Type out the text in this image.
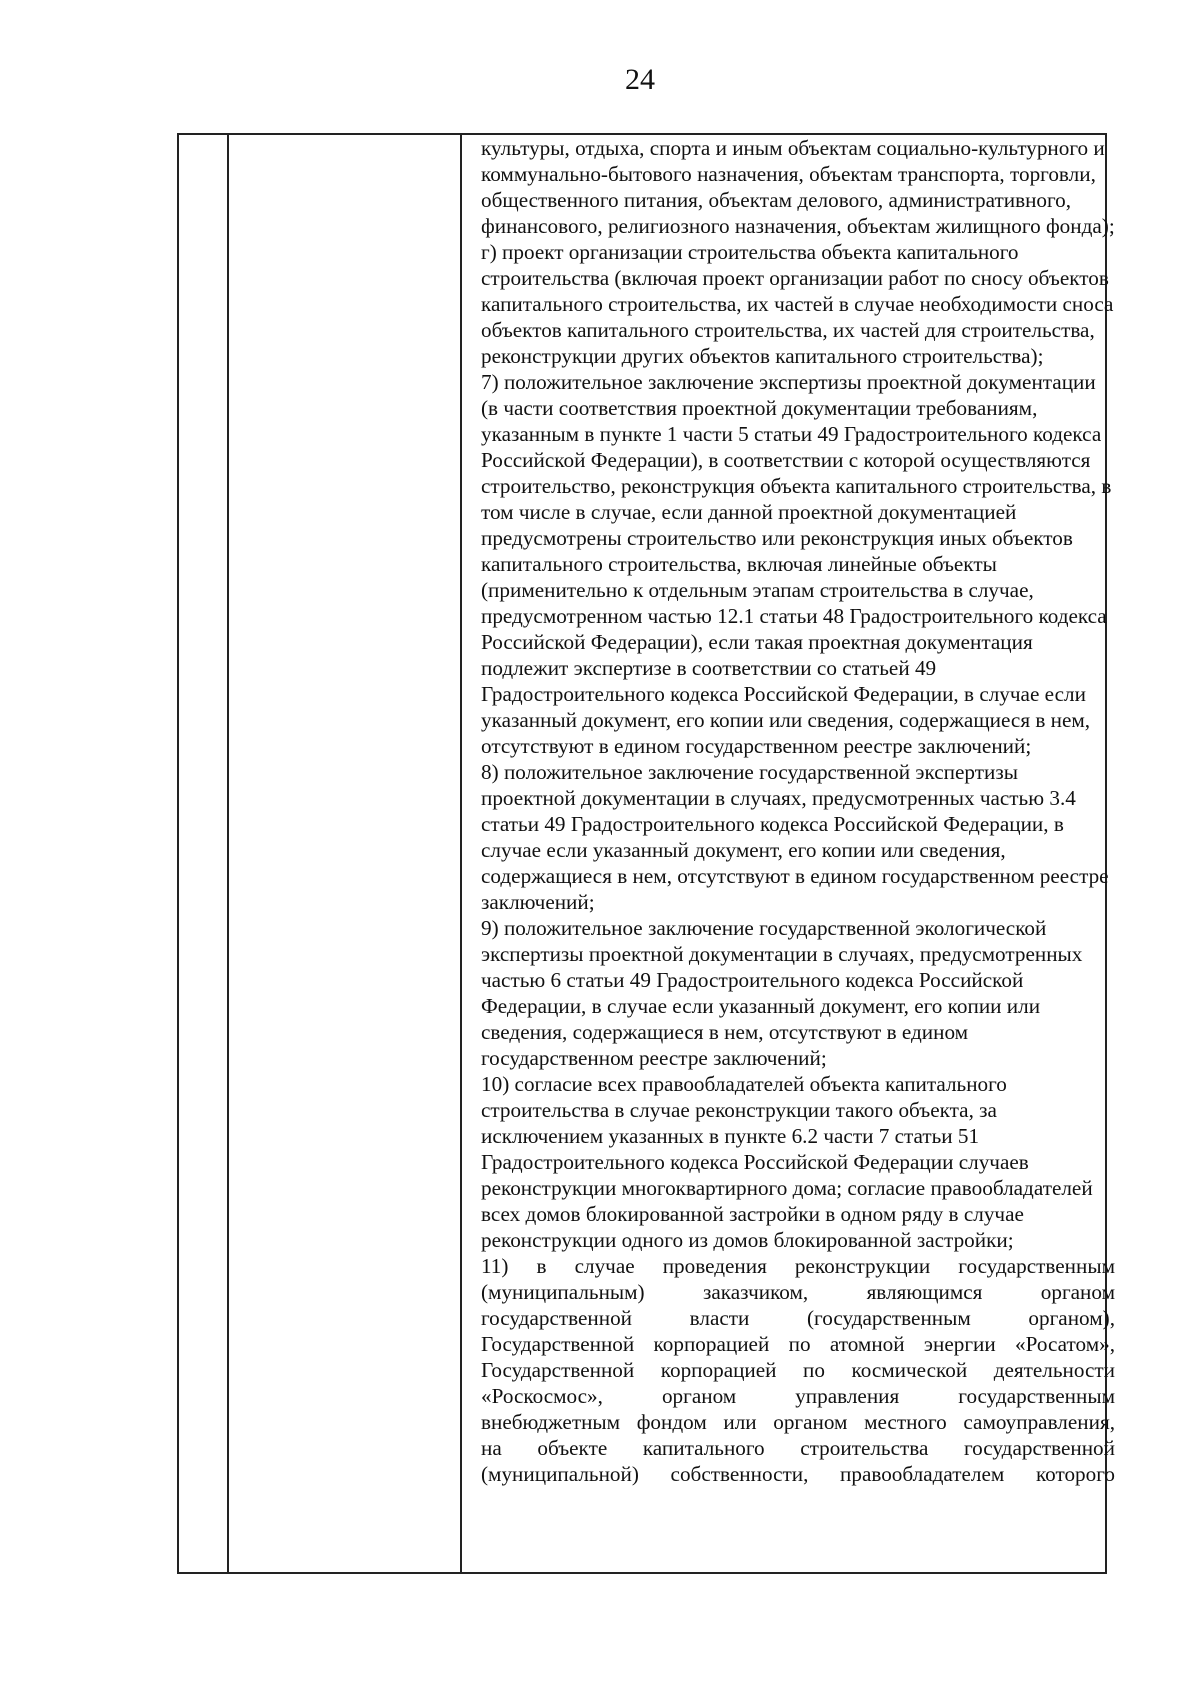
24

культуры, отдыха, спорта и иным объектам социально-культурного и коммунально-бытового назначения, объектам транспорта, торговли, общественного питания, объектам делового, административного, финансового, религиозного назначения, объектам жилищного фонда);

г) проект организации строительства объекта капитального строительства (включая проект организации работ по сносу объектов капитального строительства, их частей в случае необходимости сноса объектов капитального строительства, их частей для строительства, реконструкции других объектов капитального строительства);

7) положительное заключение экспертизы проектной документации (в части соответствия проектной документации требованиям, указанным в пункте 1 части 5 статьи 49 Градостроительного кодекса Российской Федерации), в соответствии с которой осуществляются строительство, реконструкция объекта капитального строительства, в том числе в случае, если данной проектной документацией предусмотрены строительство или реконструкция иных объектов капитального строительства, включая линейные объекты (применительно к отдельным этапам строительства в случае, предусмотренном частью 12.1 статьи 48 Градостроительного кодекса Российской Федерации), если такая проектная документация подлежит экспертизе в соответствии со статьей 49 Градостроительного кодекса Российской Федерации, в случае если указанный документ, его копии или сведения, содержащиеся в нем, отсутствуют в едином государственном реестре заключений;

8) положительное заключение государственной экспертизы проектной документации в случаях, предусмотренных частью 3.4 статьи 49 Градостроительного кодекса Российской Федерации, в случае если указанный документ, его копии или сведения, содержащиеся в нем, отсутствуют в едином государственном реестре заключений;

9) положительное заключение государственной экологической экспертизы проектной документации в случаях, предусмотренных частью 6 статьи 49 Градостроительного кодекса Российской Федерации, в случае если указанный документ, его копии или сведения, содержащиеся в нем, отсутствуют в едином государственном реестре заключений;

10) согласие всех правообладателей объекта капитального строительства в случае реконструкции такого объекта, за исключением указанных в пункте 6.2 части 7 статьи 51 Градостроительного кодекса Российской Федерации случаев реконструкции многоквартирного дома; согласие правообладателей всех домов блокированной застройки в одном ряду в случае реконструкции одного из домов блокированной застройки;

11) в случае проведения реконструкции государственным

(муниципальным) заказчиком, являющимся органом

государственной власти (государственным органом),

Государственной корпорацией по атомной энергии «Росатом»,

Государственной корпорацией по космической деятельности

«Роскосмос», органом управления государственным

внебюджетным фондом или органом местного самоуправления,

на объекте капитального строительства государственной

(муниципальной) собственности, правообладателем которого
